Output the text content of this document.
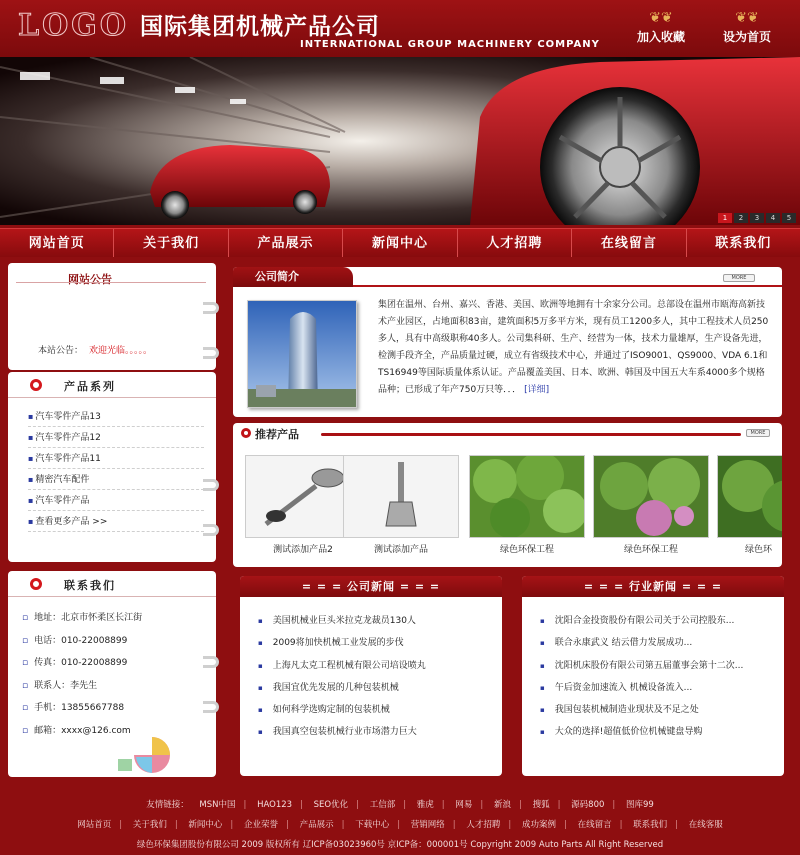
LOGO 国际集团机械产品公司
INTERNATIONAL GROUP MACHINERY COMPANY
❦❦
加入收藏
❦❦
设为首页
1	2	3	4	5
网站首页	关于我们	产品展示	新闻中心	人才招聘	在线留言	联系我们
网站公告
本站公告： 欢迎光临。。。。。
产品系列
▪ 汽车零件产品13
▪ 汽车零件产品12
▪ 汽车零件产品11
▪ 精密汽车配件
▪ 汽车零件产品
▪ 查看更多产品 >>
联系我们
▫ 地址：北京市怀柔区长江街
▫ 电话：010-22008899
▫ 传真：010-22008899
▫ 联系人：李先生
▫ 手机：13855667788
▫ 邮箱：xxxx@126.com
公司简介	MORE
集团在温州、台州、嘉兴、香港、美国、欧洲等地拥有十余家分公司。总部设在温州市瓯海高新技术产业园区，占地面积83亩，建筑面积5万多平方米，现有员工1200多人，其中工程技术人员250多人，具有中高级职称40多人。公司集科研、生产、经营为一体，技术力量雄厚，生产设备先进，检测手段齐全，产品质量过硬，成立有省级技术中心，并通过了ISO9001、QS9000、VDA 6.1和TS16949等国际质量体系认证。产品覆盖美国、日本、欧洲、韩国及中国五大车系4000多个规格品种；已形成了年产750万只等．．． [详细]
推荐产品	MORE
测试添加产品2	测试添加产品	绿色环保工程	绿色环保工程	绿色环
= = = 公司新闻 = = =
▪ 美国机械业巨头米拉克龙裁员130人
▪ 2009将加快机械工业发展的步伐
▪ 上海凡太克工程机械有限公司培设喷丸
▪ 我国宜优先发展的几种包装机械
▪ 如何科学选购定制的包装机械
▪ 我国真空包装机械行业市场潜力巨大
= = = 行业新闻 = = =
▪ 沈阳合金投资股份有限公司关于公司控股东...
▪ 联合永康武义 结云借力发展成功...
▪ 沈阳机床股份有限公司第五届董事会第十二次...
▪ 午后资金加速流入 机械设备流入...
▪ 我国包装机械制造业现状及不足之处
▪ 大众的选择!超值低价位机械键盘导购
友情链接： MSN中国 | HAO123 | SEO优化 | 工信部 | 雅虎 | 网易 | 新浪 | 搜狐 | 源码800 | 图库99
网站首页 | 关于我们 | 新闻中心 | 企业荣誉 | 产品展示 | 下载中心 | 营销网络 | 人才招聘 | 成功案例 | 在线留言 | 联系我们 | 在线客服
绿色环保集团股份有限公司 2009 版权所有 辽ICP备03023960号 京ICP备：000001号 Copyright 2009 Auto Parts All Right Reserved
